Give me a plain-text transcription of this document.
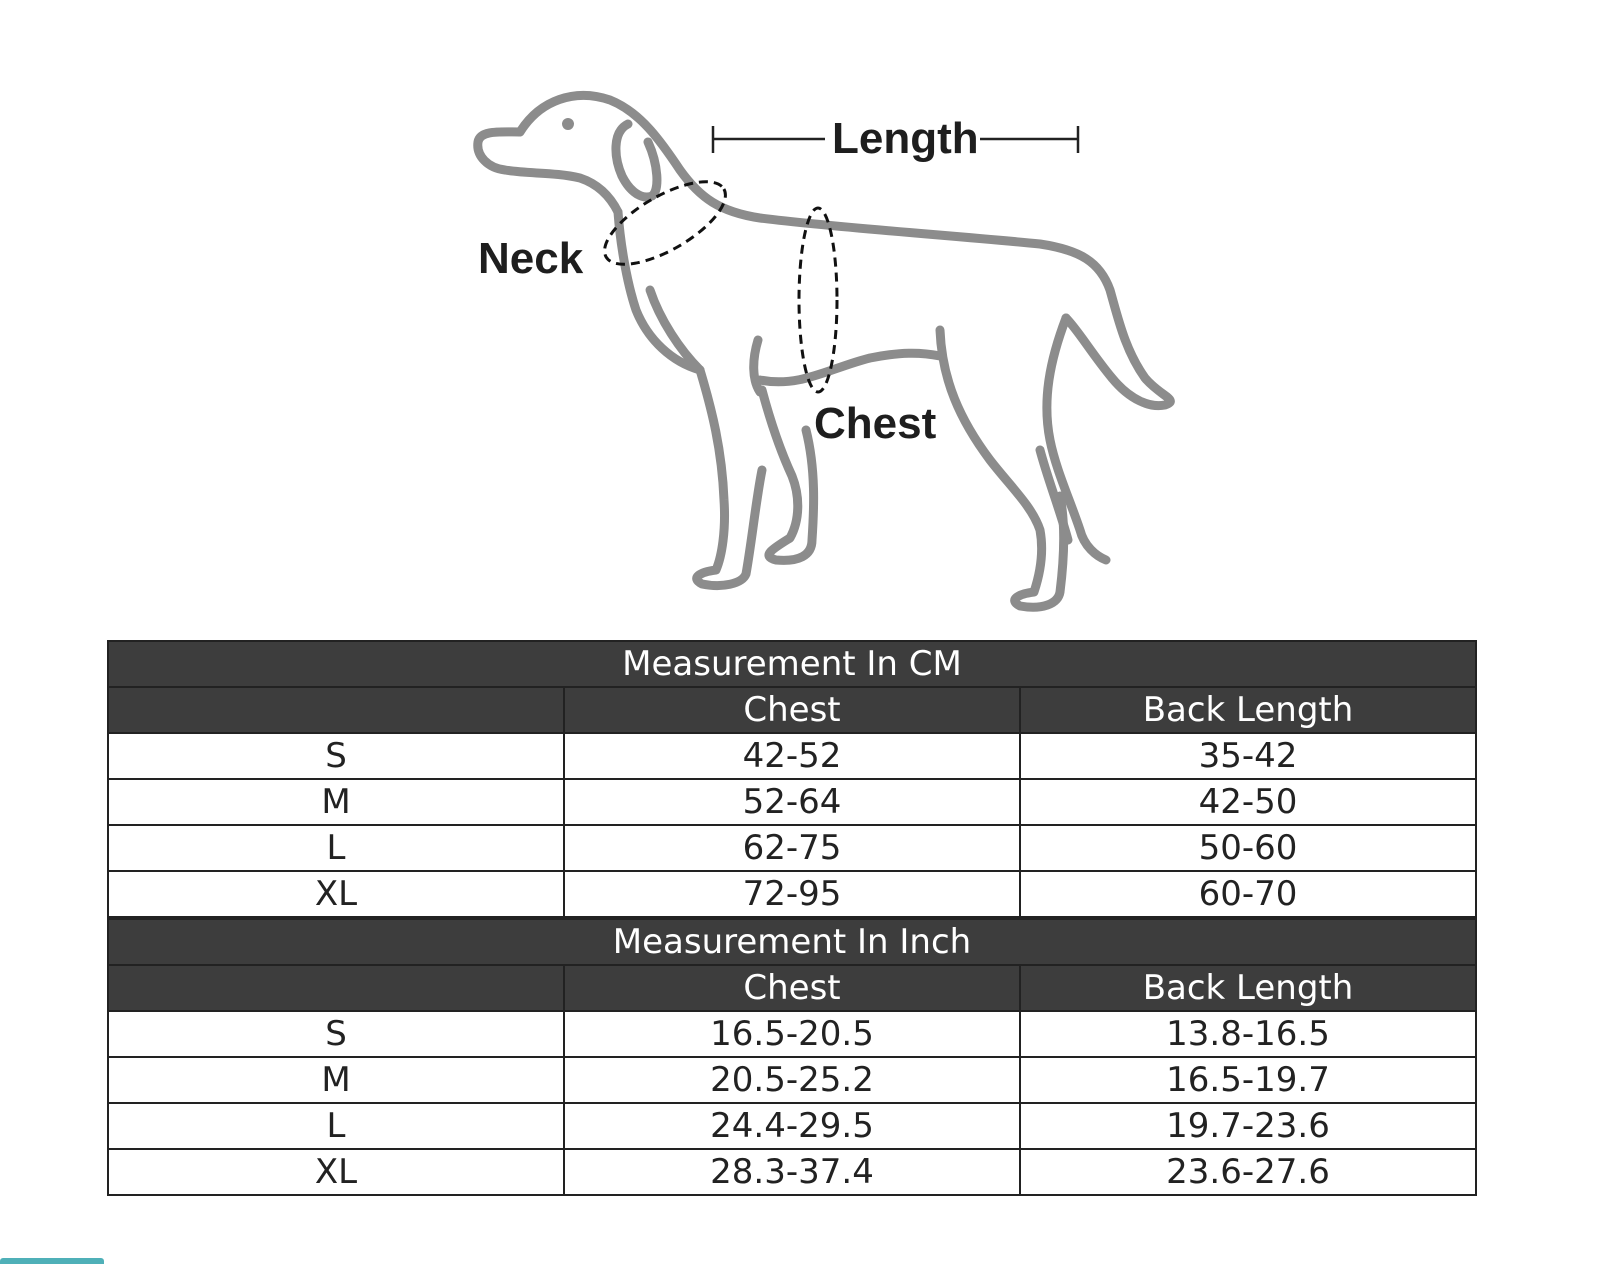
Length
Neck
Chest
Measurement In CM		
	Chest	Back Length
S	42-52	35-42
M	52-64	42-50
L	62-75	50-60
XL	72-95	60-70
Measurement In Inch		
	Chest	Back Length
S	16.5-20.5	13.8-16.5
M	20.5-25.2	16.5-19.7
L	24.4-29.5	19.7-23.6
XL	28.3-37.4	23.6-27.6
